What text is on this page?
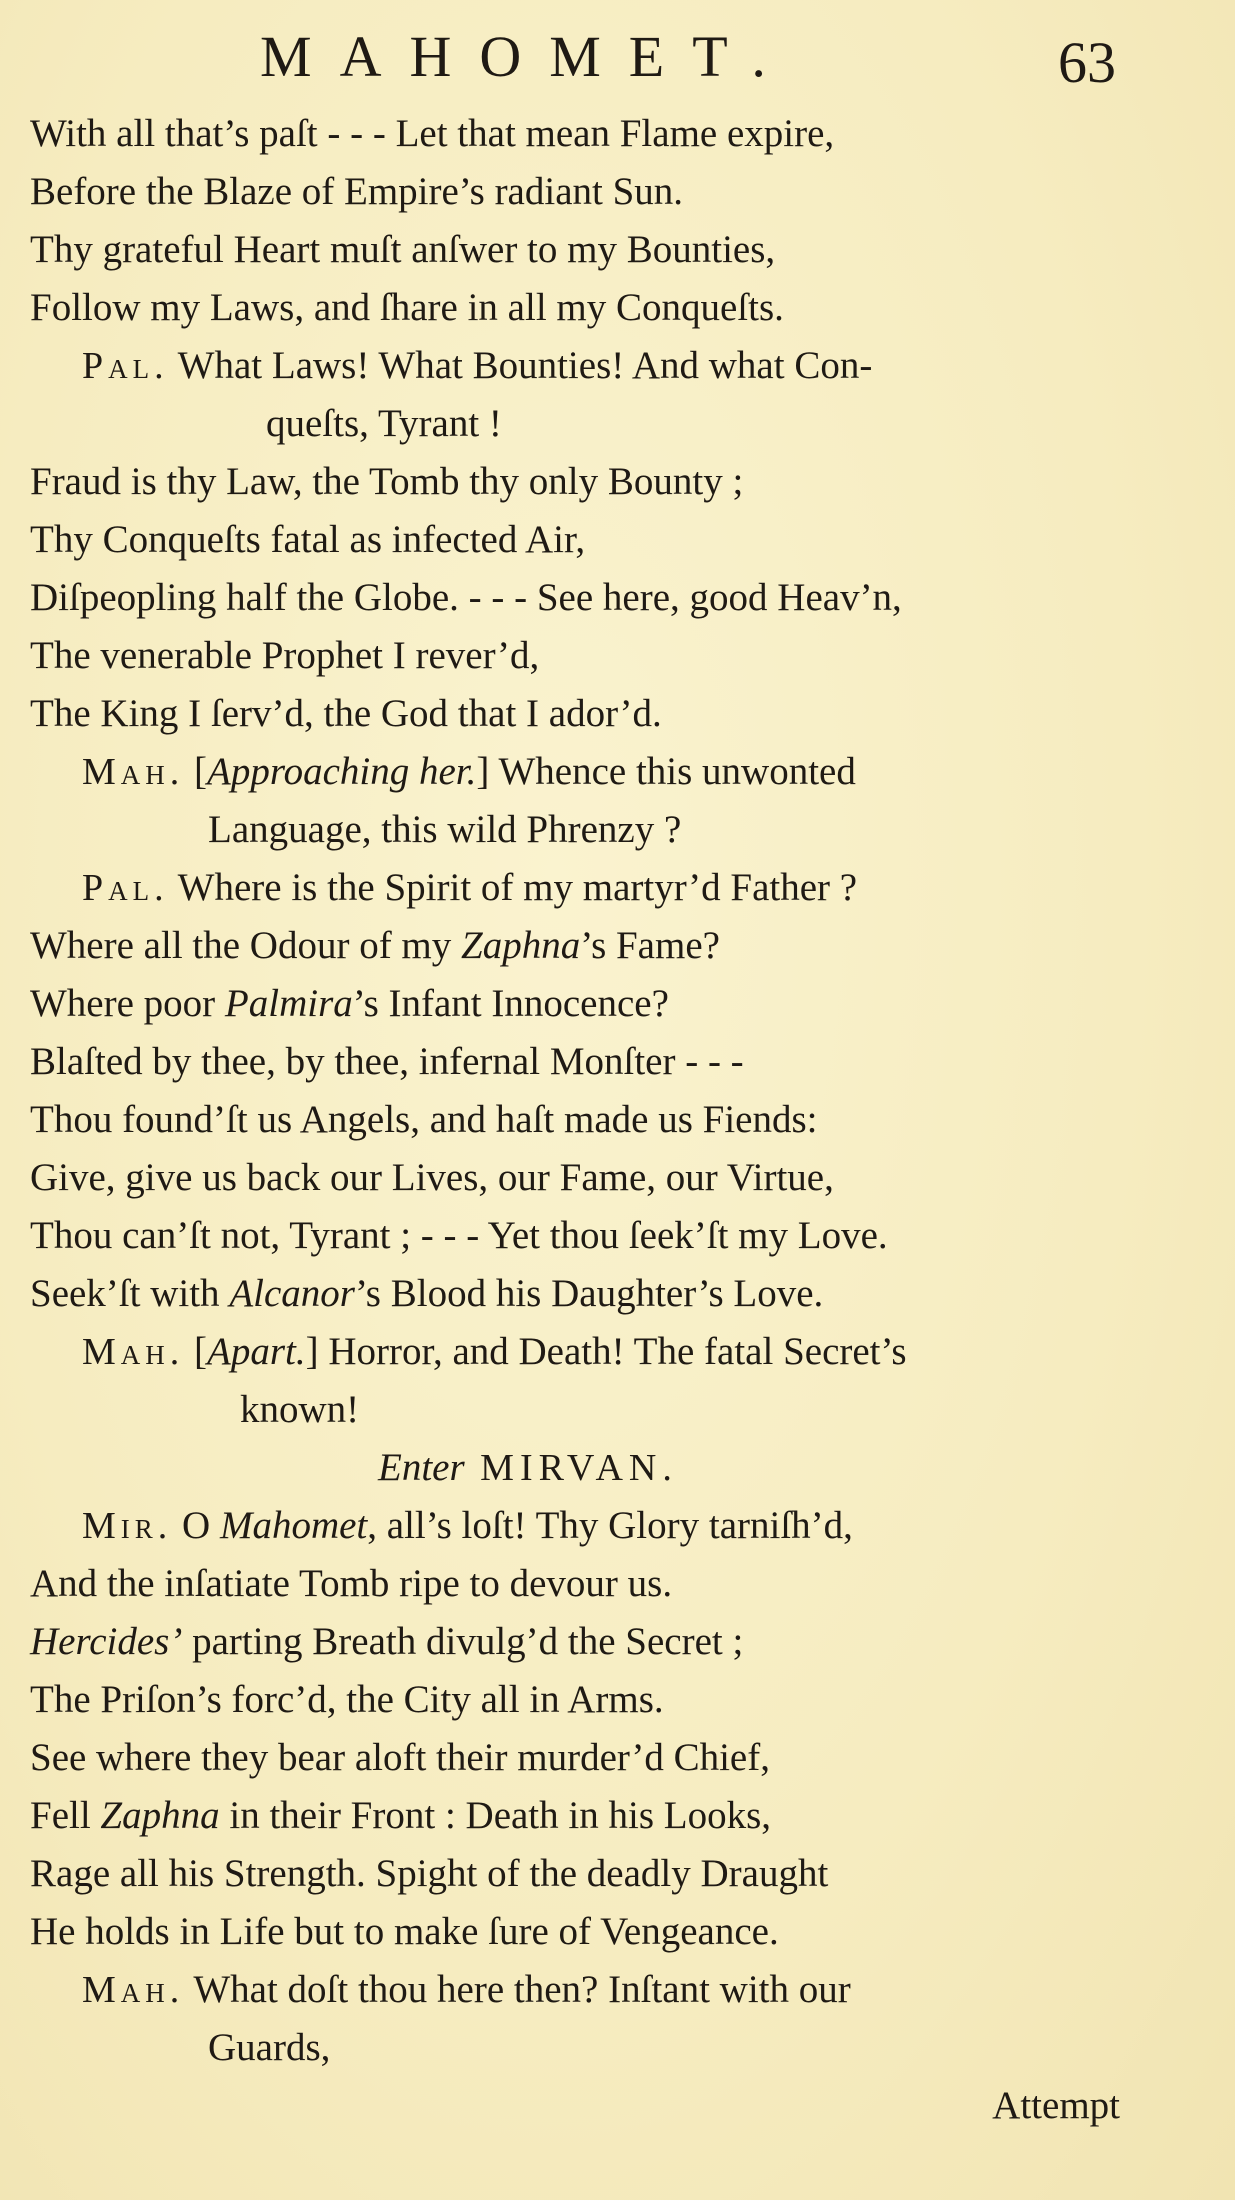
MAHOMET.	63
With all that’s paſt - - - Let that mean Flame expire,
Before the Blaze of Empire’s radiant Sun.
Thy grateful Heart muſt anſwer to my Bounties,
Follow my Laws, and ſhare in all my Conqueſts.
Pal. What Laws! What Bounties! And what Con-
queſts, Tyrant !
Fraud is thy Law, the Tomb thy only Bounty ;
Thy Conqueſts fatal as infected Air,
Diſpeopling half the Globe. - - - See here, good Heav’n,
The venerable Prophet I rever’d,
The King I ſerv’d, the God that I ador’d.
Mah. [Approaching her.] Whence this unwonted
Language, this wild Phrenzy ?
Pal. Where is the Spirit of my martyr’d Father ?
Where all the Odour of my Zaphna’s Fame?
Where poor Palmira’s Infant Innocence?
Blaſted by thee, by thee, infernal Monſter - - -
Thou found’ſt us Angels, and haſt made us Fiends:
Give, give us back our Lives, our Fame, our Virtue,
Thou can’ſt not, Tyrant ; - - - Yet thou ſeek’ſt my Love.
Seek’ſt with Alcanor’s Blood his Daughter’s Love.
Mah. [Apart.] Horror, and Death! The fatal Secret’s
known!
Enter MIRVAN.
Mir. O Mahomet, all’s loſt! Thy Glory tarniſh’d,
And the inſatiate Tomb ripe to devour us.
Hercides’ parting Breath divulg’d the Secret ;
The Priſon’s forc’d, the City all in Arms.
See where they bear aloft their murder’d Chief,
Fell Zaphna in their Front : Death in his Looks,
Rage all his Strength. Spight of the deadly Draught
He holds in Life but to make ſure of Vengeance.
Mah. What doſt thou here then? Inſtant with our
Guards,
Attempt
